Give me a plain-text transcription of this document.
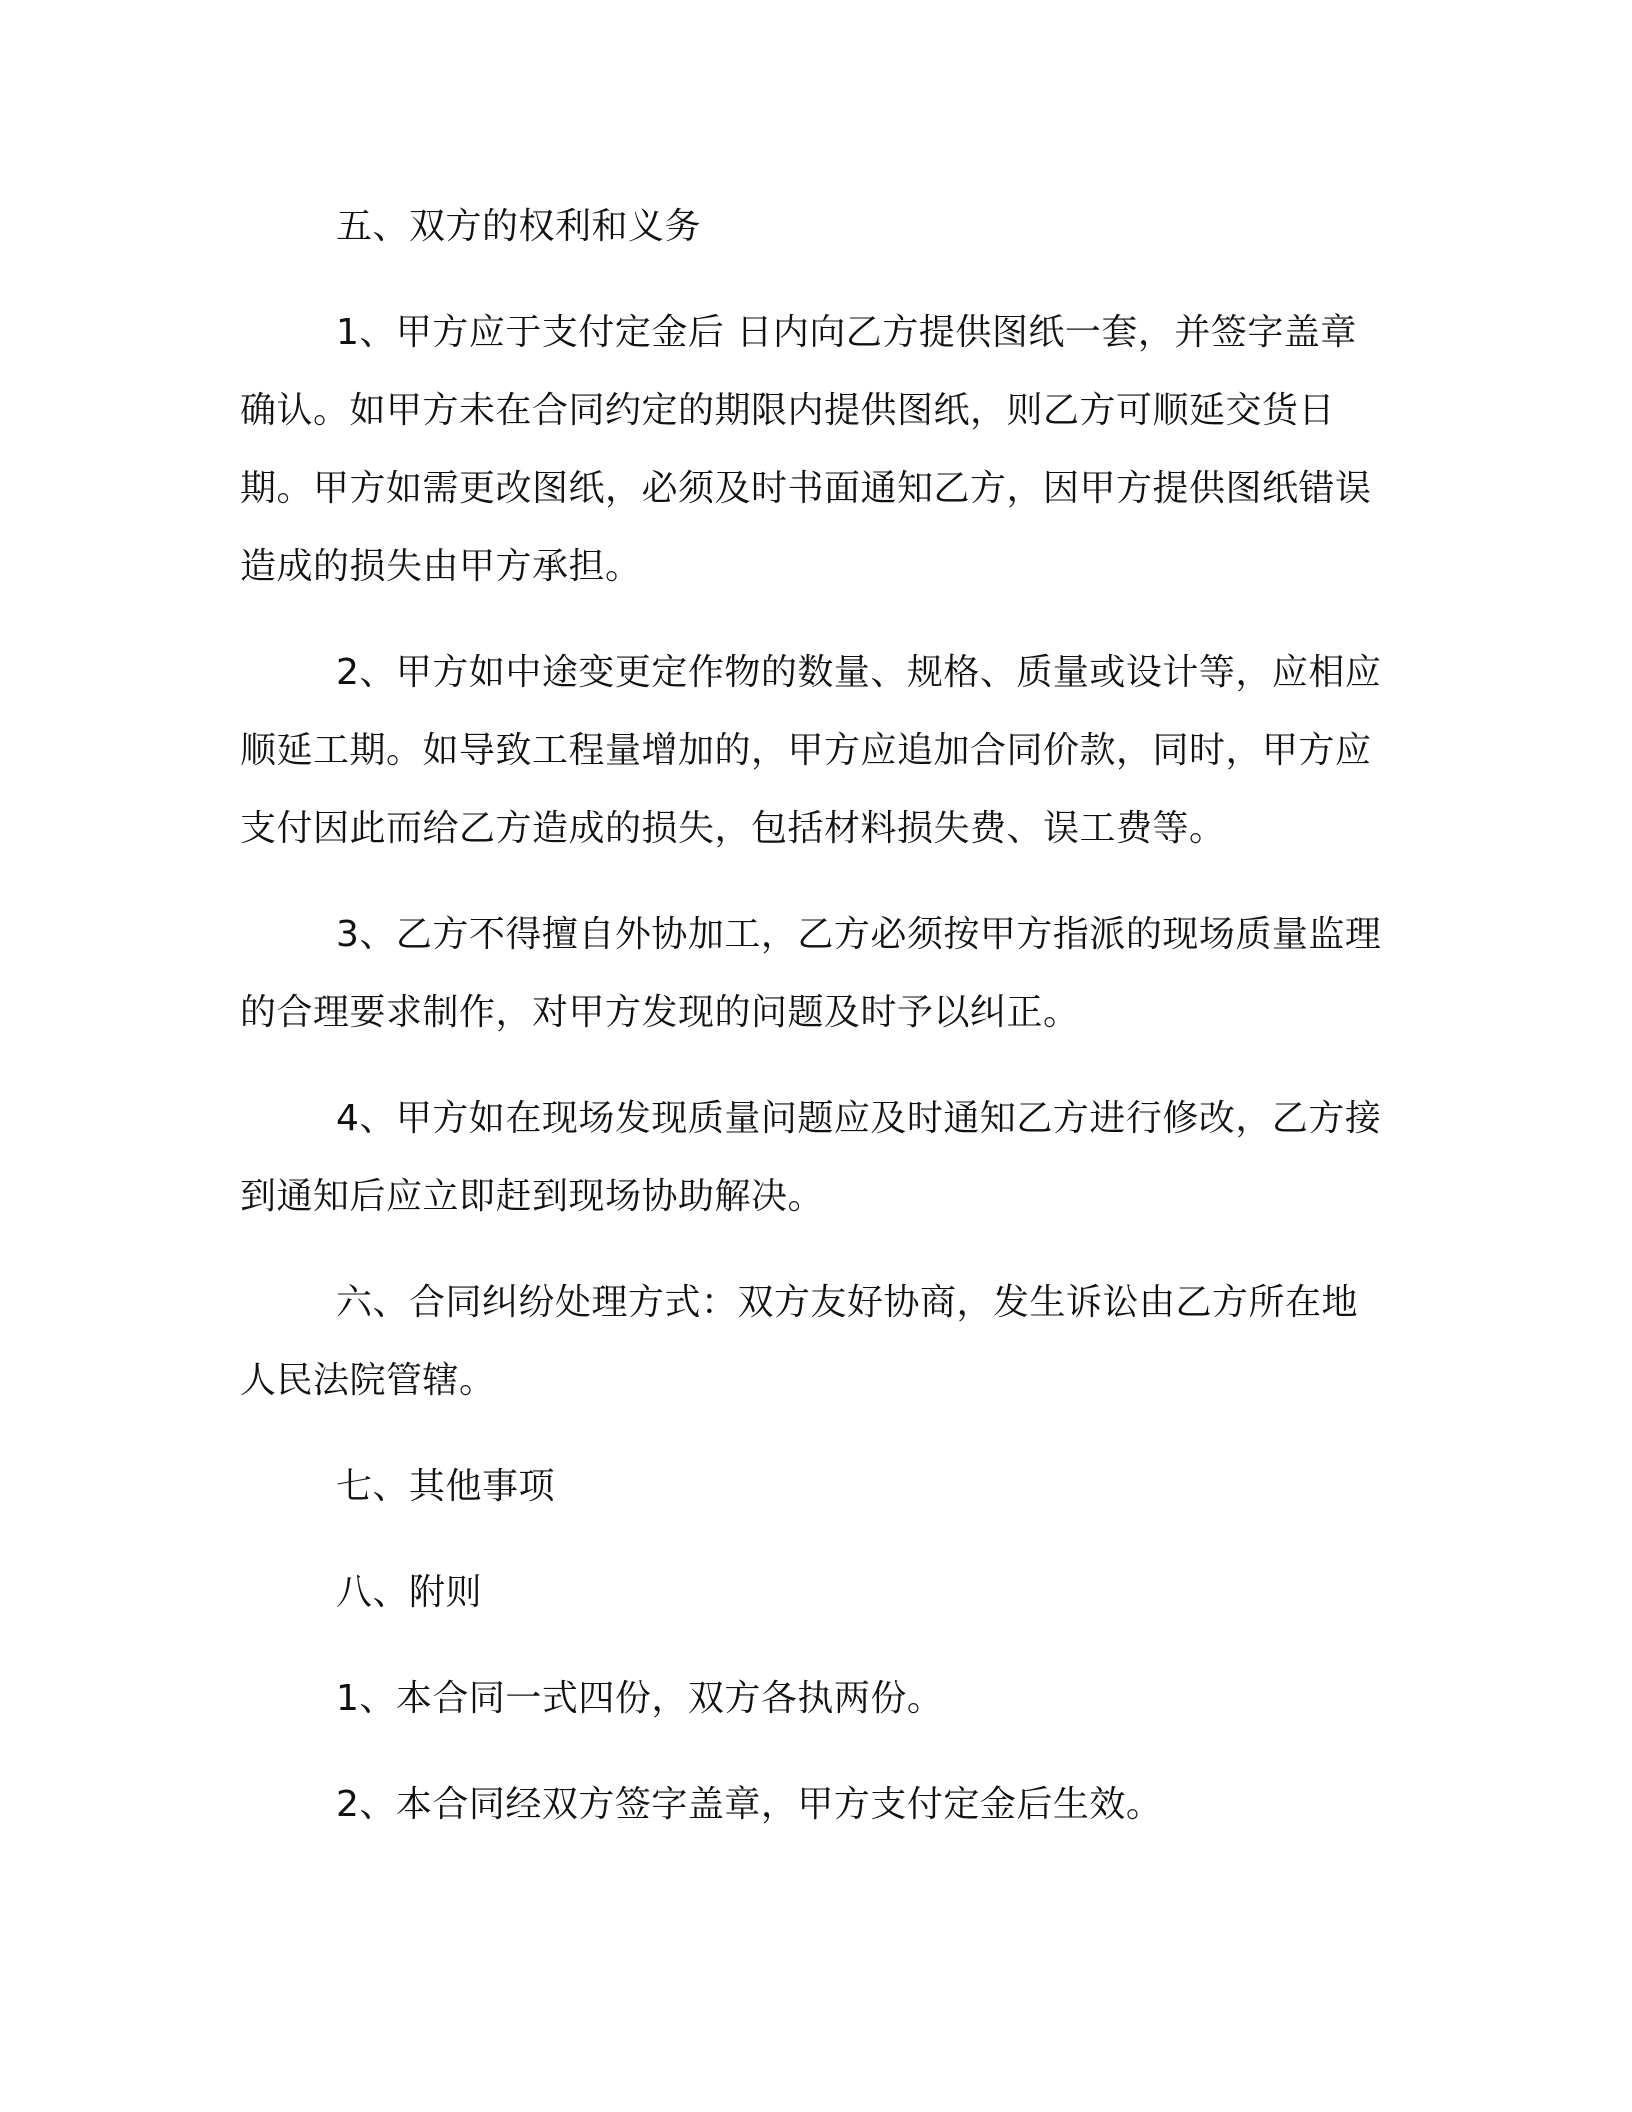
五、双方的权利和义务

1、甲方应于支付定金后 日内向乙方提供图纸一套，并签字盖章确认。如甲方未在合同约定的期限内提供图纸，则乙方可顺延交货日期。甲方如需更改图纸，必须及时书面通知乙方，因甲方提供图纸错误造成的损失由甲方承担。

2、甲方如中途变更定作物的数量、规格、质量或设计等，应相应顺延工期。如导致工程量增加的，甲方应追加合同价款，同时，甲方应支付因此而给乙方造成的损失，包括材料损失费、误工费等。

3、乙方不得擅自外协加工，乙方必须按甲方指派的现场质量监理的合理要求制作，对甲方发现的问题及时予以纠正。

4、甲方如在现场发现质量问题应及时通知乙方进行修改，乙方接到通知后应立即赶到现场协助解决。

六、合同纠纷处理方式：双方友好协商，发生诉讼由乙方所在地人民法院管辖。

七、其他事项

八、附则

1、本合同一式四份，双方各执两份。

2、本合同经双方签字盖章，甲方支付定金后生效。
